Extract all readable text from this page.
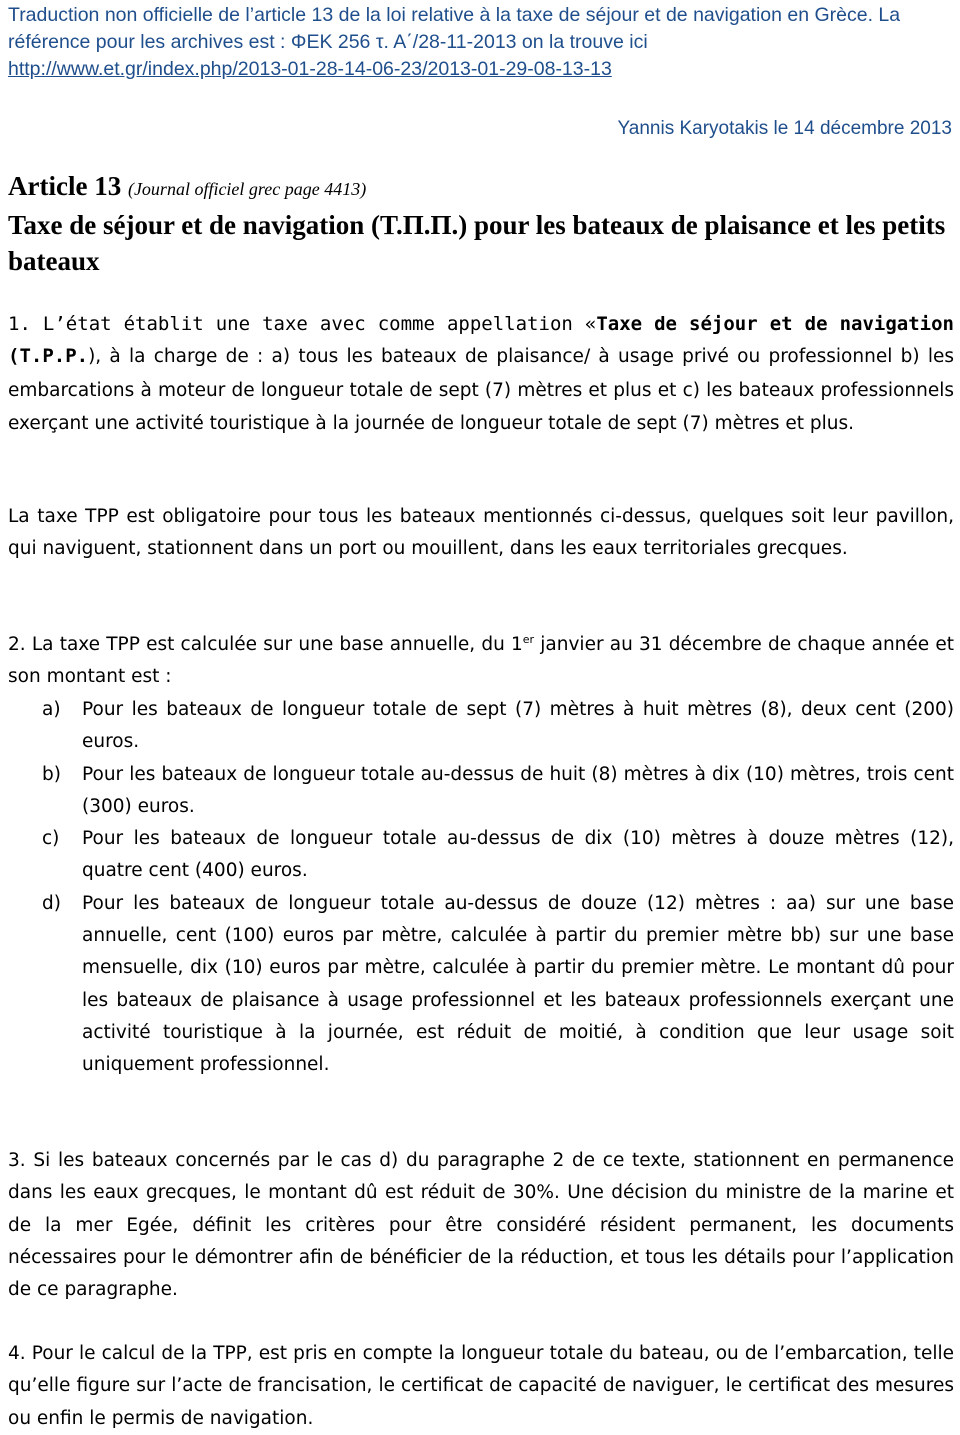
Traduction non officielle de l’article 13 de la loi relative à la taxe de séjour et de navigation en Grèce. La référence pour les archives est : ΦΕΚ 256 τ. Α΄/28-11-2013 on la trouve ici
http://www.et.gr/index.php/2013-01-28-14-06-23/2013-01-29-08-13-13
Yannis Karyotakis le 14 décembre 2013
Article 13 (Journal officiel grec page 4413)
Taxe de séjour et de navigation (Τ.Π.Π.) pour les bateaux de plaisance et les petits bateaux

1. L’état établit une taxe avec comme appellation «Taxe de séjour et de navigation (T.P.P.), à la charge de : a) tous les bateaux de plaisance/ à usage privé ou professionnel b) les embarcations à moteur de longueur totale de sept (7) mètres et plus et c) les bateaux professionnels exerçant une activité touristique à la journée de longueur totale de sept (7) mètres et plus.

La taxe TPP est obligatoire pour tous les bateaux mentionnés ci-dessus, quelques soit leur pavillon, qui naviguent, stationnent dans un port ou mouillent, dans les eaux territoriales grecques.

2. La taxe TPP est calculée sur une base annuelle, du 1er janvier au 31 décembre de chaque année et son montant est :

a) Pour les bateaux de longueur totale de sept (7) mètres à huit mètres (8), deux cent (200) euros.
b) Pour les bateaux de longueur totale au-dessus de huit (8) mètres à dix (10) mètres, trois cent (300) euros.
c) Pour les bateaux de longueur totale au-dessus de dix (10) mètres à douze mètres (12), quatre cent (400) euros.
d) Pour les bateaux de longueur totale au-dessus de douze (12) mètres : aa) sur une base annuelle, cent (100) euros par mètre, calculée à partir du premier mètre bb) sur une base mensuelle, dix (10) euros par mètre, calculée à partir du premier mètre. Le montant dû pour les bateaux de plaisance à usage professionnel et les bateaux professionnels exerçant une activité touristique à la journée, est réduit de moitié, à condition que leur usage soit uniquement professionnel.

3. Si les bateaux concernés par le cas d) du paragraphe 2 de ce texte, stationnent en permanence dans les eaux grecques, le montant dû est réduit de 30%. Une décision du ministre de la marine et de la mer Egée, définit les critères pour être considéré résident permanent, les documents nécessaires pour le démontrer afin de bénéficier de la réduction, et tous les détails pour l’application de ce paragraphe.

4. Pour le calcul de la TPP, est pris en compte la longueur totale du bateau, ou de l’embarcation, telle qu’elle figure sur l’acte de francisation, le certificat de capacité de naviguer, le certificat des mesures ou enfin le permis de navigation.
